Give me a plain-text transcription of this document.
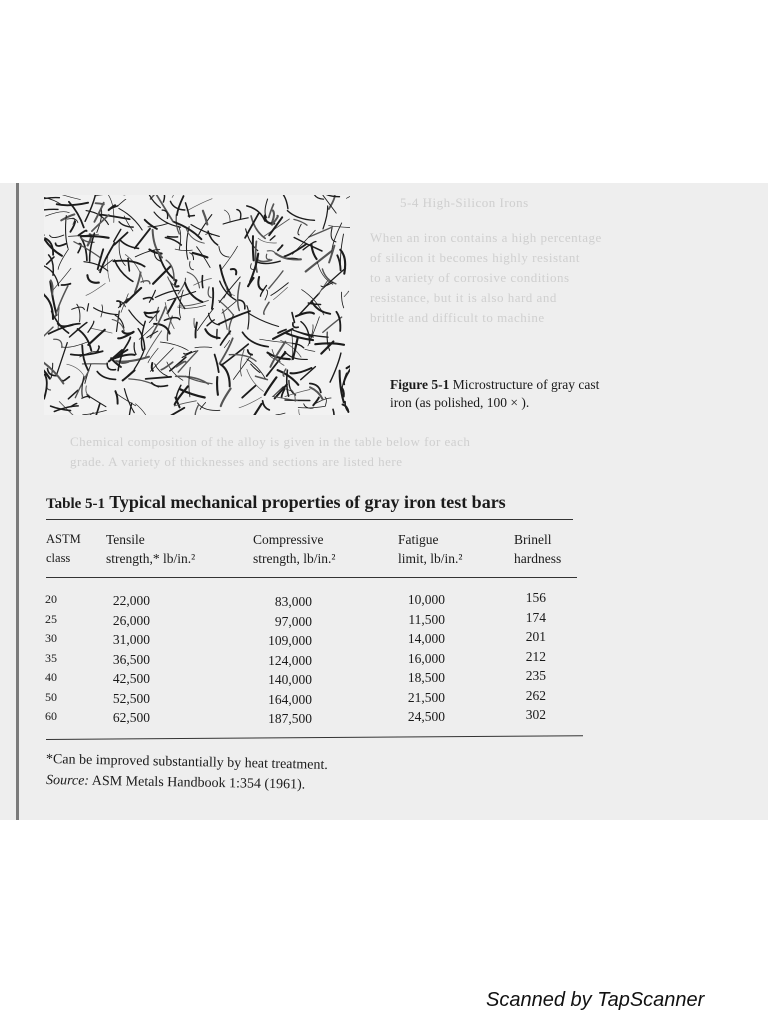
5-4 High-Silicon Irons
When an iron contains a high percentage
of silicon it becomes highly resistant
to a variety of corrosive conditions
resistance, but it is also hard and
brittle and difficult to machine
Chemical composition of the alloy is given in the table below for each
grade. A variety of thicknesses and sections are listed here
Figure 5-1 Microstructure of gray cast
iron (as polished, 100 × ).
Table 5-1 Typical mechanical properties of gray iron test bars
ASTM
class
Tensile
strength,* lb/in.²
Compressive
strength, lb/in.²
Fatigue
limit, lb/in.²
Brinell
hardness
20
25
30
35
40
50
60
22,000
26,000
31,000
36,500
42,500
52,500
62,500
83,000
97,000
109,000
124,000
140,000
164,000
187,500
10,000
11,500
14,000
16,000
18,500
21,500
24,500
156
174
201
212
235
262
302
*Can be improved substantially by heat treatment.
Source: ASM Metals Handbook 1:354 (1961).
Scanned by TapScanner
